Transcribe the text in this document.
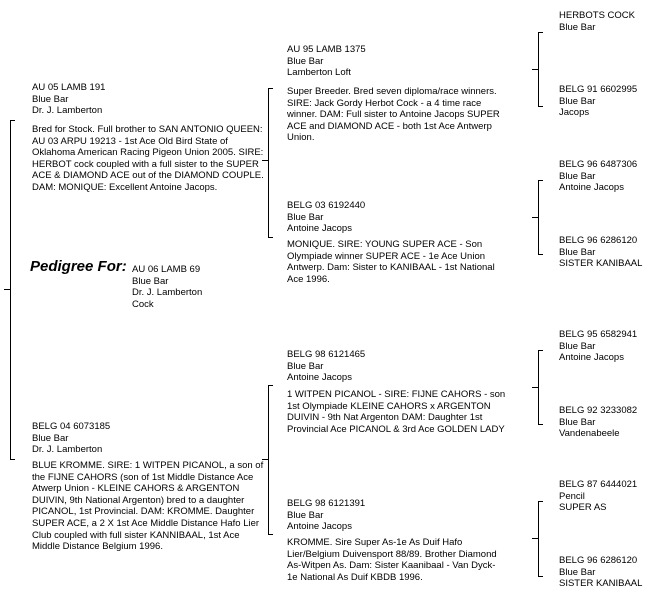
Pedigree For: AU 06 LAMB 69
Blue Bar
Dr. J. Lamberton
Cock
AU 05 LAMB 191
Blue Bar
Dr. J. Lamberton
Bred for Stock. Full brother to SAN ANTONIO QUEEN: AU 03 ARPU 19213 - 1st Ace Old Bird State of Oklahoma American Racing Pigeon Union 2005. SIRE: HERBOT cock coupled with a full sister to the SUPER ACE & DIAMOND ACE out of the DIAMOND COUPLE. DAM: MONIQUE: Excellent Antoine Jacops.
BELG 04 6073185
Blue Bar
Dr. J. Lamberton
BLUE KROMME. SIRE: 1 WITPEN PICANOL, a son of the FIJNE CAHORS (son of 1st Middle Distance Ace Atwerp Union - KLEINE CAHORS & ARGENTON DUIVIN, 9th National Argenton) bred to a daughter PICANOL, 1st Provincial. DAM: KROMME. Daughter SUPER ACE, a 2 X 1st Ace Middle Distance Hafo Lier Club coupled with full sister KANNIBAAL, 1st Ace Middle Distance Belgium 1996.
AU 95 LAMB 1375
Blue Bar
Lamberton Loft
Super Breeder. Bred seven diploma/race winners. SIRE: Jack Gordy Herbot Cock - a 4 time race winner. DAM: Full sister to Antoine Jacops SUPER ACE and DIAMOND ACE - both 1st Ace Antwerp Union.
BELG 03 6192440
Blue Bar
Antoine Jacops
MONIQUE. SIRE: YOUNG SUPER ACE - Son Olympiade winner SUPER ACE - 1e Ace Union Antwerp. Dam: Sister to KANIBAAL - 1st National Ace 1996.
BELG 98 6121465
Blue Bar
Antoine Jacops
1 WITPEN PICANOL - SIRE: FIJNE CAHORS - son 1st Olympiade KLEINE CAHORS x ARGENTON DUIVIN - 9th Nat Argenton DAM: Daughter 1st Provincial Ace PICANOL & 3rd Ace GOLDEN LADY
BELG 98 6121391
Blue Bar
Antoine Jacops
KROMME. Sire Super As-1e As Duif Hafo Lier/Belgium Duivensport 88/89. Brother Diamond As-Witpen As. Dam: Sister Kaanibaal - Van Dyck-1e National As Duif KBDB 1996.
HERBOTS COCK
Blue Bar
BELG 91 6602995
Blue Bar
Jacops
BELG 96 6487306
Blue Bar
Antoine Jacops
BELG 96 6286120
Blue Bar
SISTER KANIBAAL
BELG 95 6582941
Blue Bar
Antoine Jacops
BELG 92 3233082
Blue Bar
Vandenabeele
BELG 87 6444021
Pencil
SUPER AS
BELG 96 6286120
Blue Bar
SISTER KANIBAAL
